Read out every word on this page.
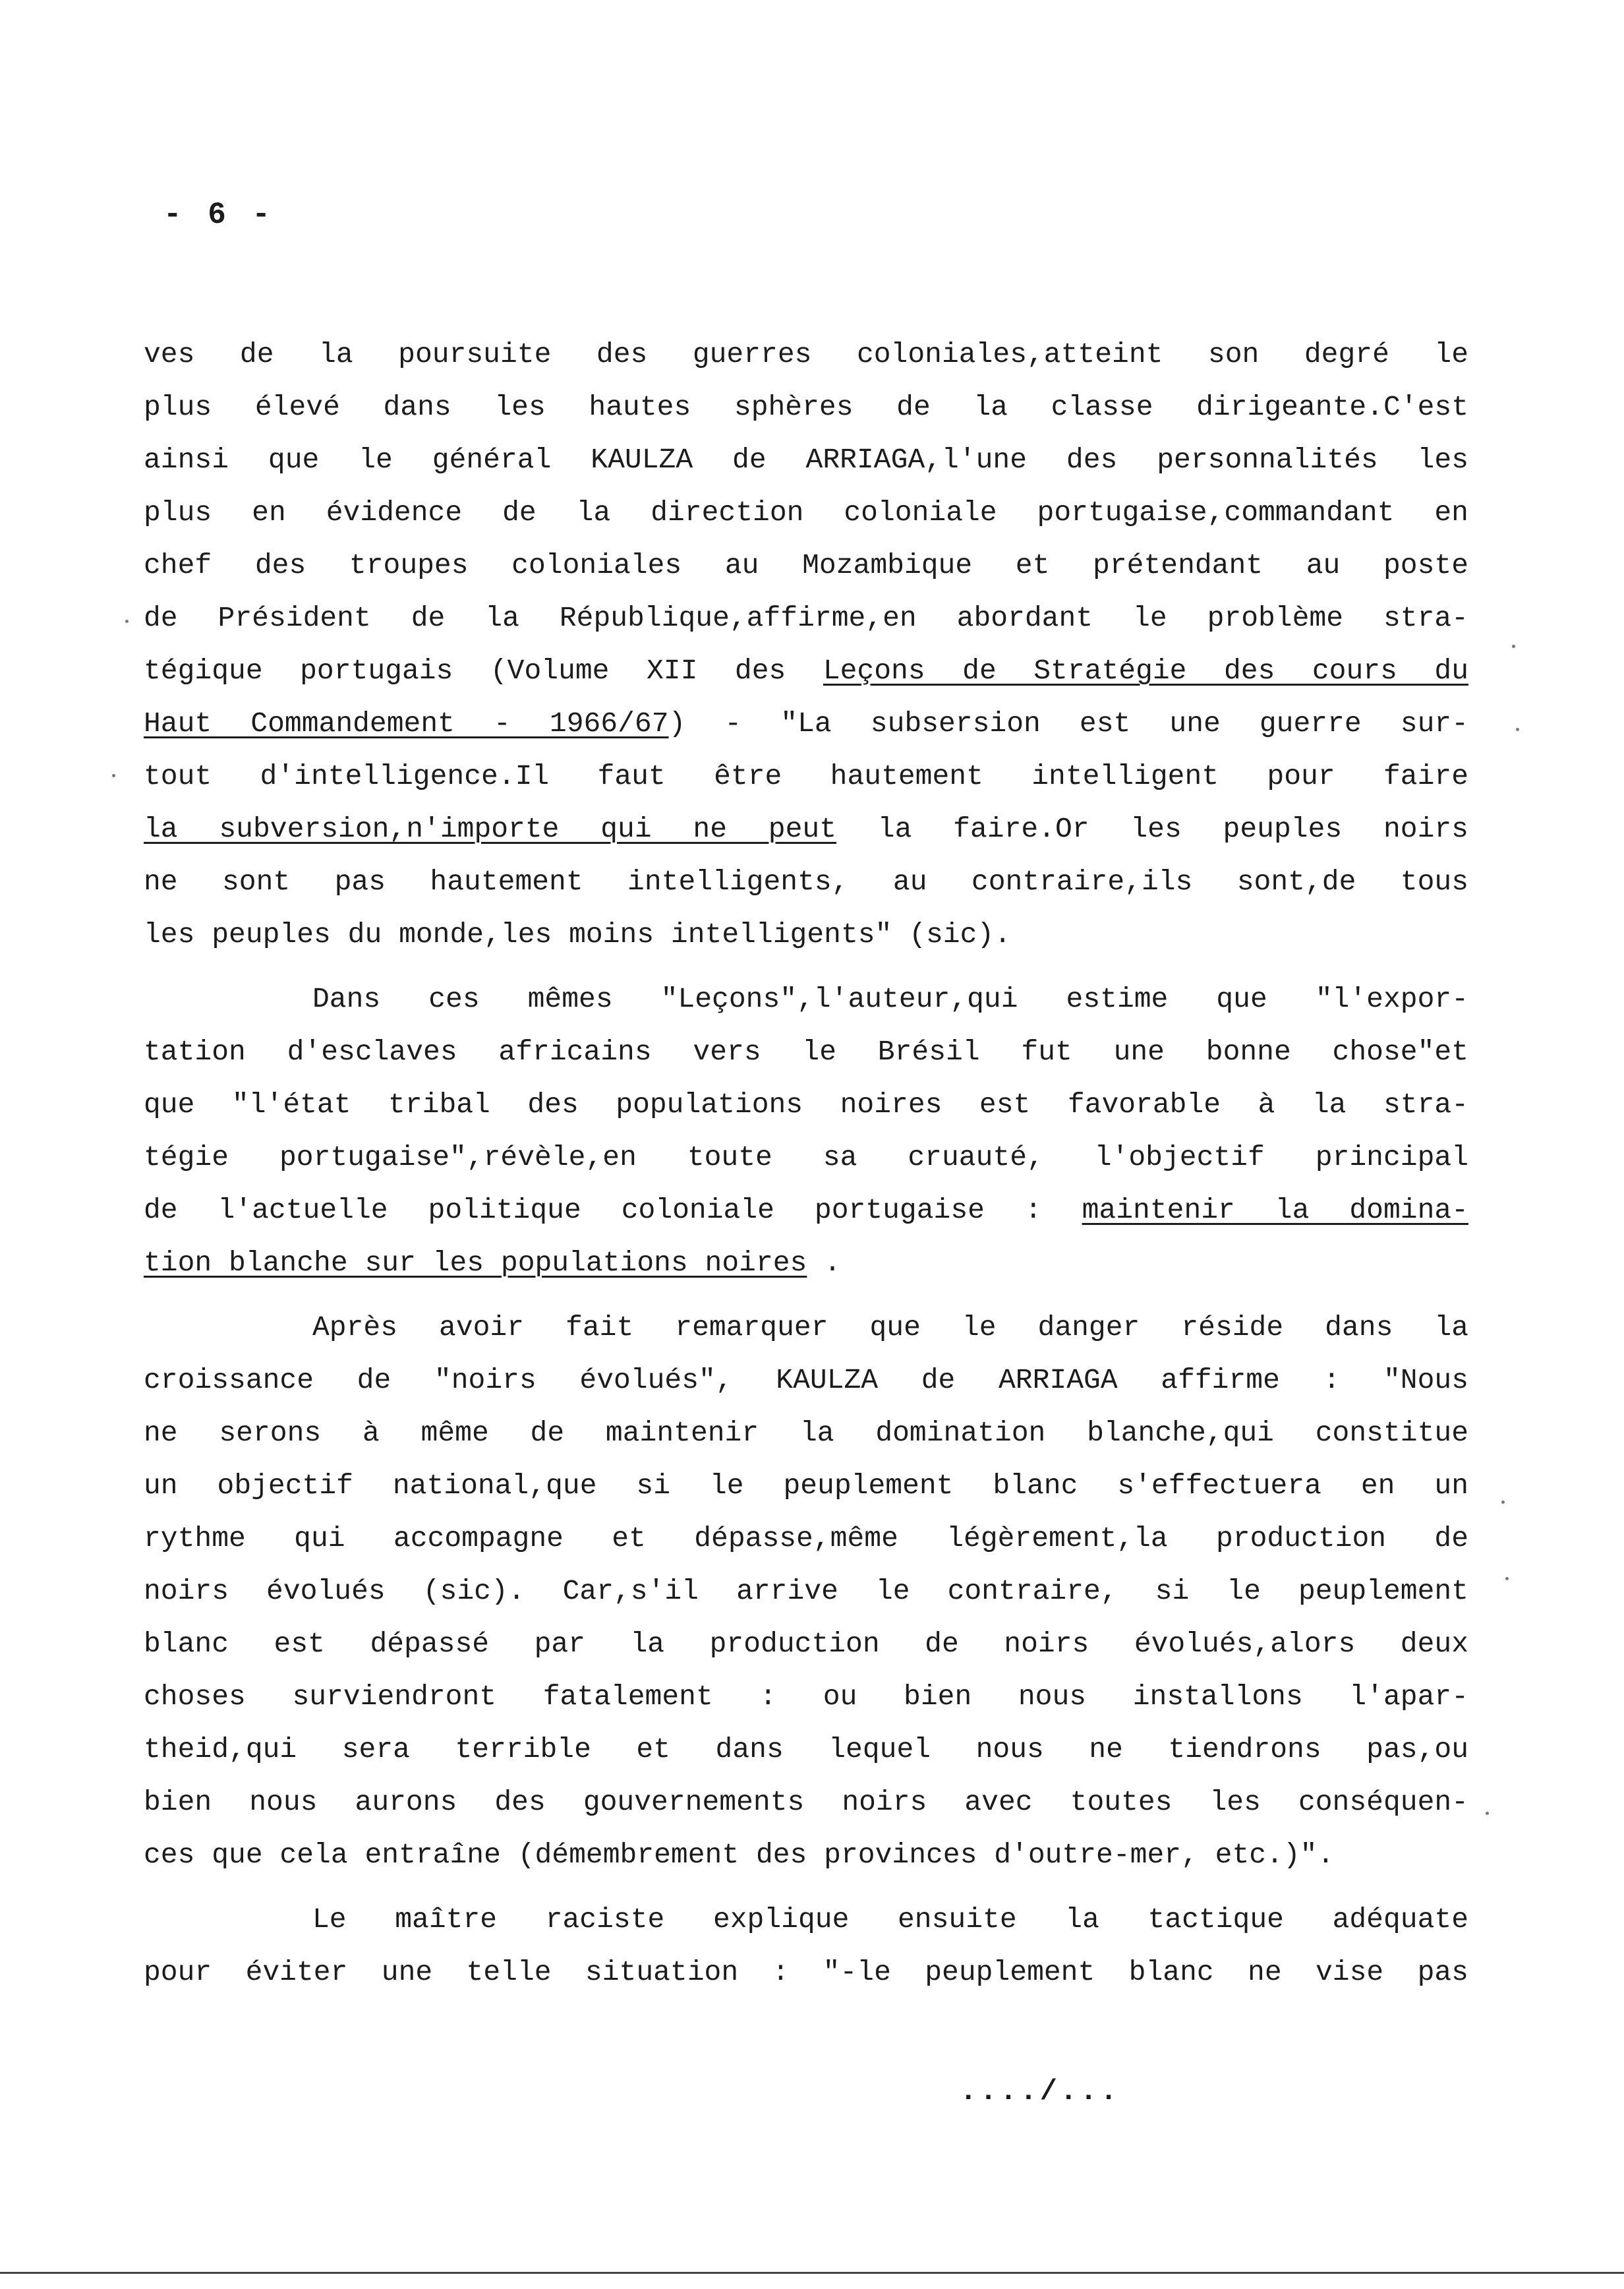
- 6 -
ves de la poursuite des guerres coloniales,atteint son degré le
plus élevé dans les hautes sphères de la classe dirigeante.C'est
ainsi que le général KAULZA de ARRIAGA,l'une des personnalités les
plus en évidence de la direction coloniale portugaise,commandant en
chef des troupes coloniales au Mozambique et prétendant au poste
de Président de la République,affirme,en abordant le problème stra-
tégique portugais (Volume XII des Leçons de Stratégie des cours du
Haut Commandement - 1966/67) - "La subsersion est une guerre sur-
tout d'intelligence.Il faut être hautement intelligent pour faire
la subversion,n'importe qui ne peut la faire.Or les peuples noirs
ne sont pas hautement intelligents, au contraire,ils sont,de tous
les peuples du monde,les moins intelligents" (sic).
Dans ces mêmes "Leçons",l'auteur,qui estime que "l'expor-
tation d'esclaves africains vers le Brésil fut une bonne chose"et
que "l'état tribal des populations noires est favorable à la stra-
tégie portugaise",révèle,en toute sa cruauté, l'objectif principal
de l'actuelle politique coloniale portugaise : maintenir la domina-
tion blanche sur les populations noires .
Après avoir fait remarquer que le danger réside dans la
croissance de "noirs évolués", KAULZA de ARRIAGA affirme : "Nous
ne serons à même de maintenir la domination blanche,qui constitue
un objectif national,que si le peuplement blanc s'effectuera en un
rythme qui accompagne et dépasse,même légèrement,la production de
noirs évolués (sic). Car,s'il arrive le contraire, si le peuplement
blanc est dépassé par la production de noirs évolués,alors deux
choses surviendront fatalement : ou bien nous installons l'apar-
theid,qui sera terrible et dans lequel nous ne tiendrons pas,ou
bien nous aurons des gouvernements noirs avec toutes les conséquen-
ces que cela entraîne (démembrement des provinces d'outre-mer, etc.)".
Le maître raciste explique ensuite la tactique adéquate
pour éviter une telle situation : "-le peuplement blanc ne vise pas
..../...
